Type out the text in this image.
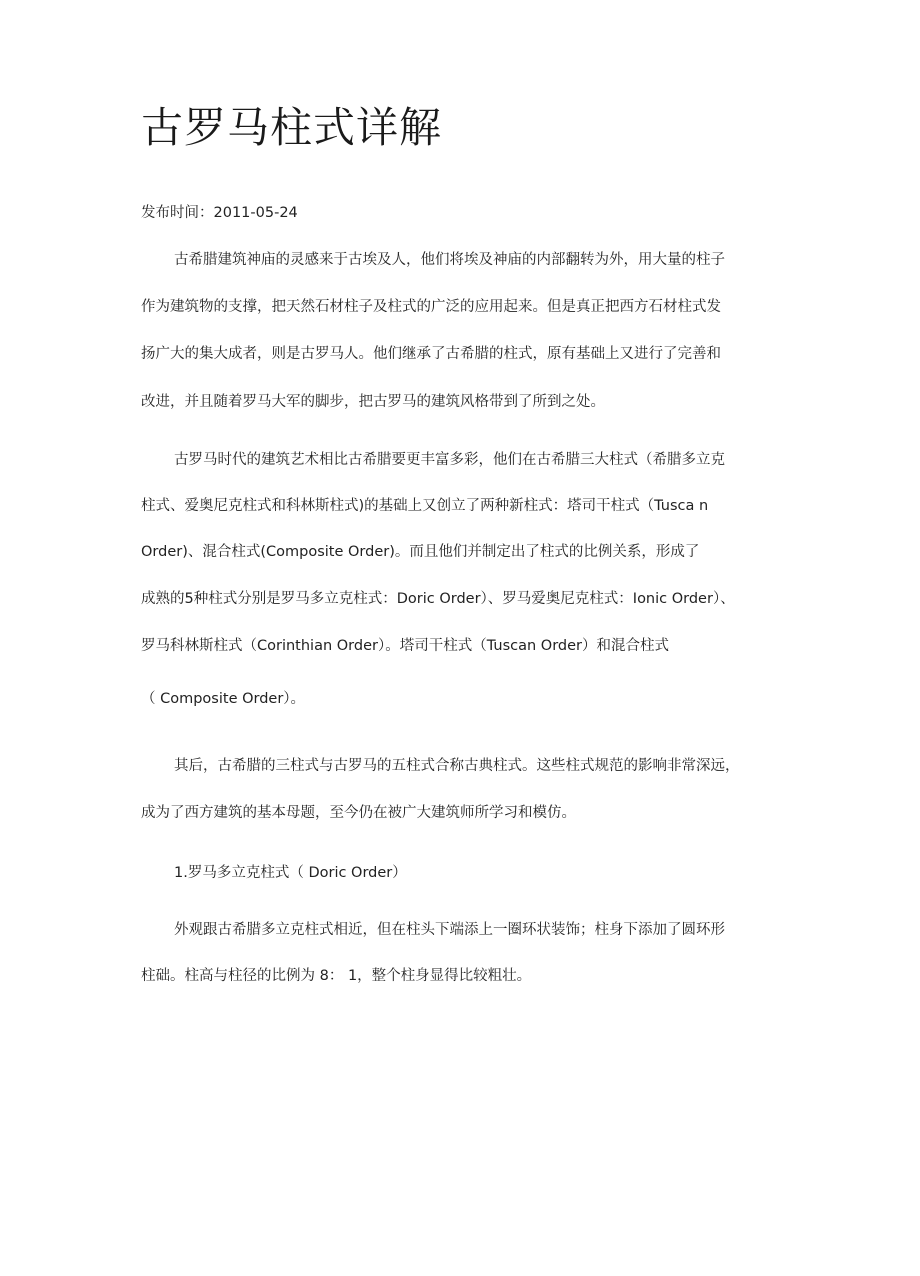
古罗马柱式详解
发布时间：2011-05-24
古希腊建筑神庙的灵感来于古埃及人，他们将埃及神庙的内部翻转为外，用大量的柱子
作为建筑物的支撑，把天然石材柱子及柱式的广泛的应用起来。但是真正把西方石材柱式发
扬广大的集大成者，则是古罗马人。他们继承了古希腊的柱式，原有基础上又进行了完善和
改进，并且随着罗马大军的脚步，把古罗马的建筑风格带到了所到之处。
古罗马时代的建筑艺术相比古希腊要更丰富多彩，他们在古希腊三大柱式（希腊多立克
柱式、爱奥尼克柱式和科林斯柱式)的基础上又创立了两种新柱式：塔司干柱式（Tusca n
Order)、混合柱式(Composite Order)。而且他们并制定出了柱式的比例关系，形成了
成熟的5种柱式分别是罗马多立克柱式：Doric Order）、罗马爱奥尼克柱式：Ionic Order）、
罗马科林斯柱式（Corinthian Order）。塔司干柱式（Tuscan Order）和混合柱式
（ Composite Order）。
其后，古希腊的三柱式与古罗马的五柱式合称古典柱式。这些柱式规范的影响非常深远，
成为了西方建筑的基本母题，至今仍在被广大建筑师所学习和模仿。
1.罗马多立克柱式（ Doric Order）
外观跟古希腊多立克柱式相近，但在柱头下端添上一圈环状装饰；柱身下添加了圆环形
柱础。柱高与柱径的比例为 8： 1，整个柱身显得比较粗壮。
